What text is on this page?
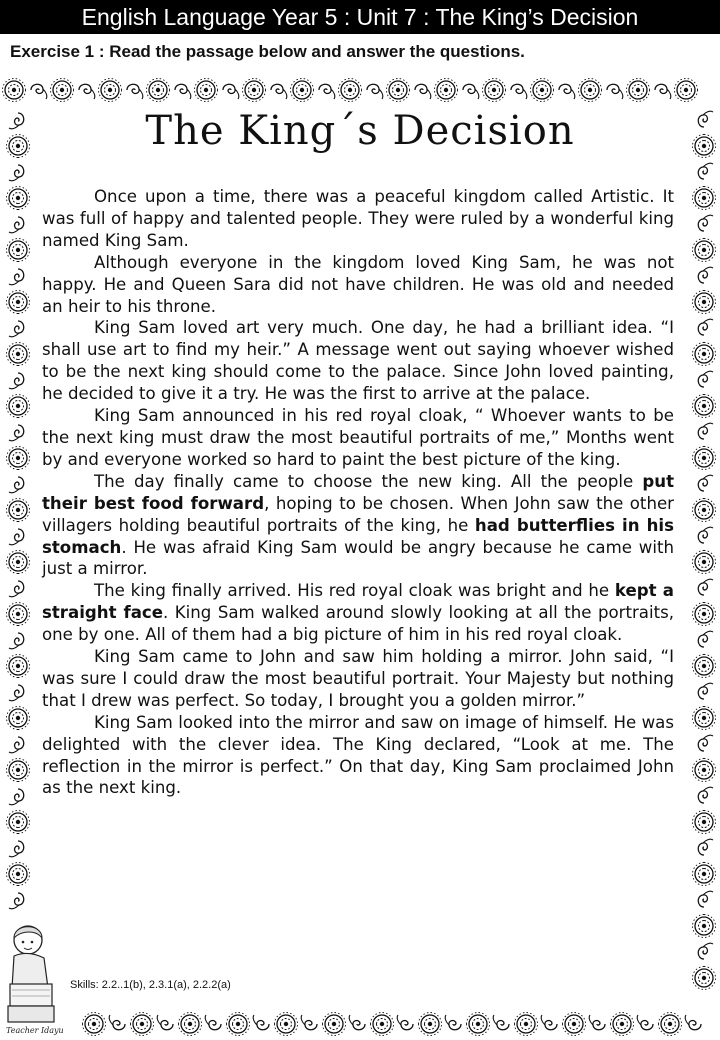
English Language Year 5 : Unit 7 : The King’s Decision
Exercise 1 : Read the passage below and answer the questions.
The King´s Decision

Once upon a time, there was a peaceful kingdom called Artistic. It was full of happy and talented people. They were ruled by a wonderful king named King Sam.

Although everyone in the kingdom loved King Sam, he was not happy. He and Queen Sara did not have children. He was old and needed an heir to his throne.

King Sam loved art very much. One day, he had a brilliant idea. “I shall use art to find my heir.” A message went out saying whoever wished to be the next king should come to the palace. Since John loved painting, he decided to give it a try. He was the first to arrive at the palace.

King Sam announced in his red royal cloak, “ Whoever wants to be the next king must draw the most beautiful portraits of me,” Months went by and everyone worked so hard to paint the best picture of the king.

The day finally came to choose the new king. All the people put their best food forward, hoping to be chosen. When John saw the other villagers holding beautiful portraits of the king, he had butterflies in his stomach. He was afraid King Sam would be angry because he came with just a mirror.

The king finally arrived. His red royal cloak was bright and he kept a straight face. King Sam walked around slowly looking at all the portraits, one by one. All of them had a big picture of him in his red royal cloak.

King Sam came to John and saw him holding a mirror. John said, “I was sure I could draw the most beautiful portrait. Your Majesty but nothing that I drew was perfect. So today, I brought you a golden mirror.”

King Sam looked into the mirror and saw on image of himself. He was delighted with the clever idea. The King declared, “Look at me. The reflection in the mirror is perfect.” On that day, King Sam proclaimed John as the next king.

Teacher Idayu
Skills: 2.2..1(b), 2.3.1(a), 2.2.2(a)
